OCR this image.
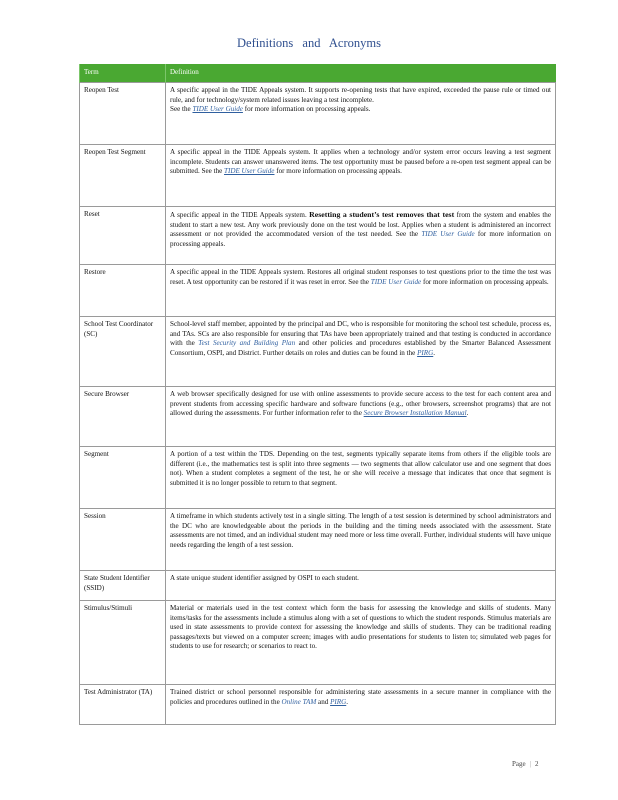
Definitions and Acronyms
Term	Definition
Reopen Test	A specific appeal in the TIDE Appeals system. It supports re-opening tests that have expired, exceeded the pause rule or timed out rule, and for technology/system related issues leaving a test incomplete.
See the TIDE User Guide for more information on processing appeals.
Reopen Test Segment	A specific appeal in the TIDE Appeals system. It applies when a technology and/or system error occurs leaving a test segment incomplete. Students can answer unanswered items. The test opportunity must be paused before a re-open test segment appeal can be submitted. See the TIDE User Guide for more information on processing appeals.
Reset	A specific appeal in the TIDE Appeals system. Resetting a student’s test removes that test from the system and enables the student to start a new test. Any work previously done on the test would be lost. Applies when a student is administered an incorrect assessment or not provided the accommodated version of the test needed. See the TIDE User Guide for more information on processing appeals.
Restore	A specific appeal in the TIDE Appeals system. Restores all original student responses to test questions prior to the time the test was reset. A test opportunity can be restored if it was reset in error. See the TIDE User Guide for more information on processing appeals.
School Test Coordinator (SC)	School-level staff member, appointed by the principal and DC, who is responsible for monitoring the school test schedule, process es, and TAs. SCs are also responsible for ensuring that TAs have been appropriately trained and that testing is conducted in accordance with the Test Security and Building Plan and other policies and procedures established by the Smarter Balanced Assessment Consortium, OSPI, and District. Further details on roles and duties can be found in the PIRG.
Secure Browser	A web browser specifically designed for use with online assessments to provide secure access to the test for each content area and prevent students from accessing specific hardware and software functions (e.g., other browsers, screenshot programs) that are not allowed during the assessments. For further information refer to the Secure Browser Installation Manual.
Segment	A portion of a test within the TDS. Depending on the test, segments typically separate items from others if the eligible tools are different (i.e., the mathematics test is split into three segments — two segments that allow calculator use and one segment that does not). When a student completes a segment of the test, he or she will receive a message that indicates that once that segment is submitted it is no longer possible to return to that segment.
Session	A timeframe in which students actively test in a single sitting. The length of a test session is determined by school administrators and the DC who are knowledgeable about the periods in the building and the timing needs associated with the assessment. State assessments are not timed, and an individual student may need more or less time overall. Further, individual students will have unique needs regarding the length of a test session.
State Student Identifier (SSID)	A state unique student identifier assigned by OSPI to each student.
Stimulus/Stimuli	Material or materials used in the test context which form the basis for assessing the knowledge and skills of students. Many items/tasks for the assessments include a stimulus along with a set of questions to which the student responds. Stimulus materials are used in state assessments to provide context for assessing the knowledge and skills of students. They can be traditional reading passages/texts but viewed on a computer screen; images with audio presentations for students to listen to; simulated web pages for students to use for research; or scenarios to react to.
Test Administrator (TA)	Trained district or school personnel responsible for administering state assessments in a secure manner in compliance with the policies and procedures outlined in the Online TAM and PIRG.
Page | 2
